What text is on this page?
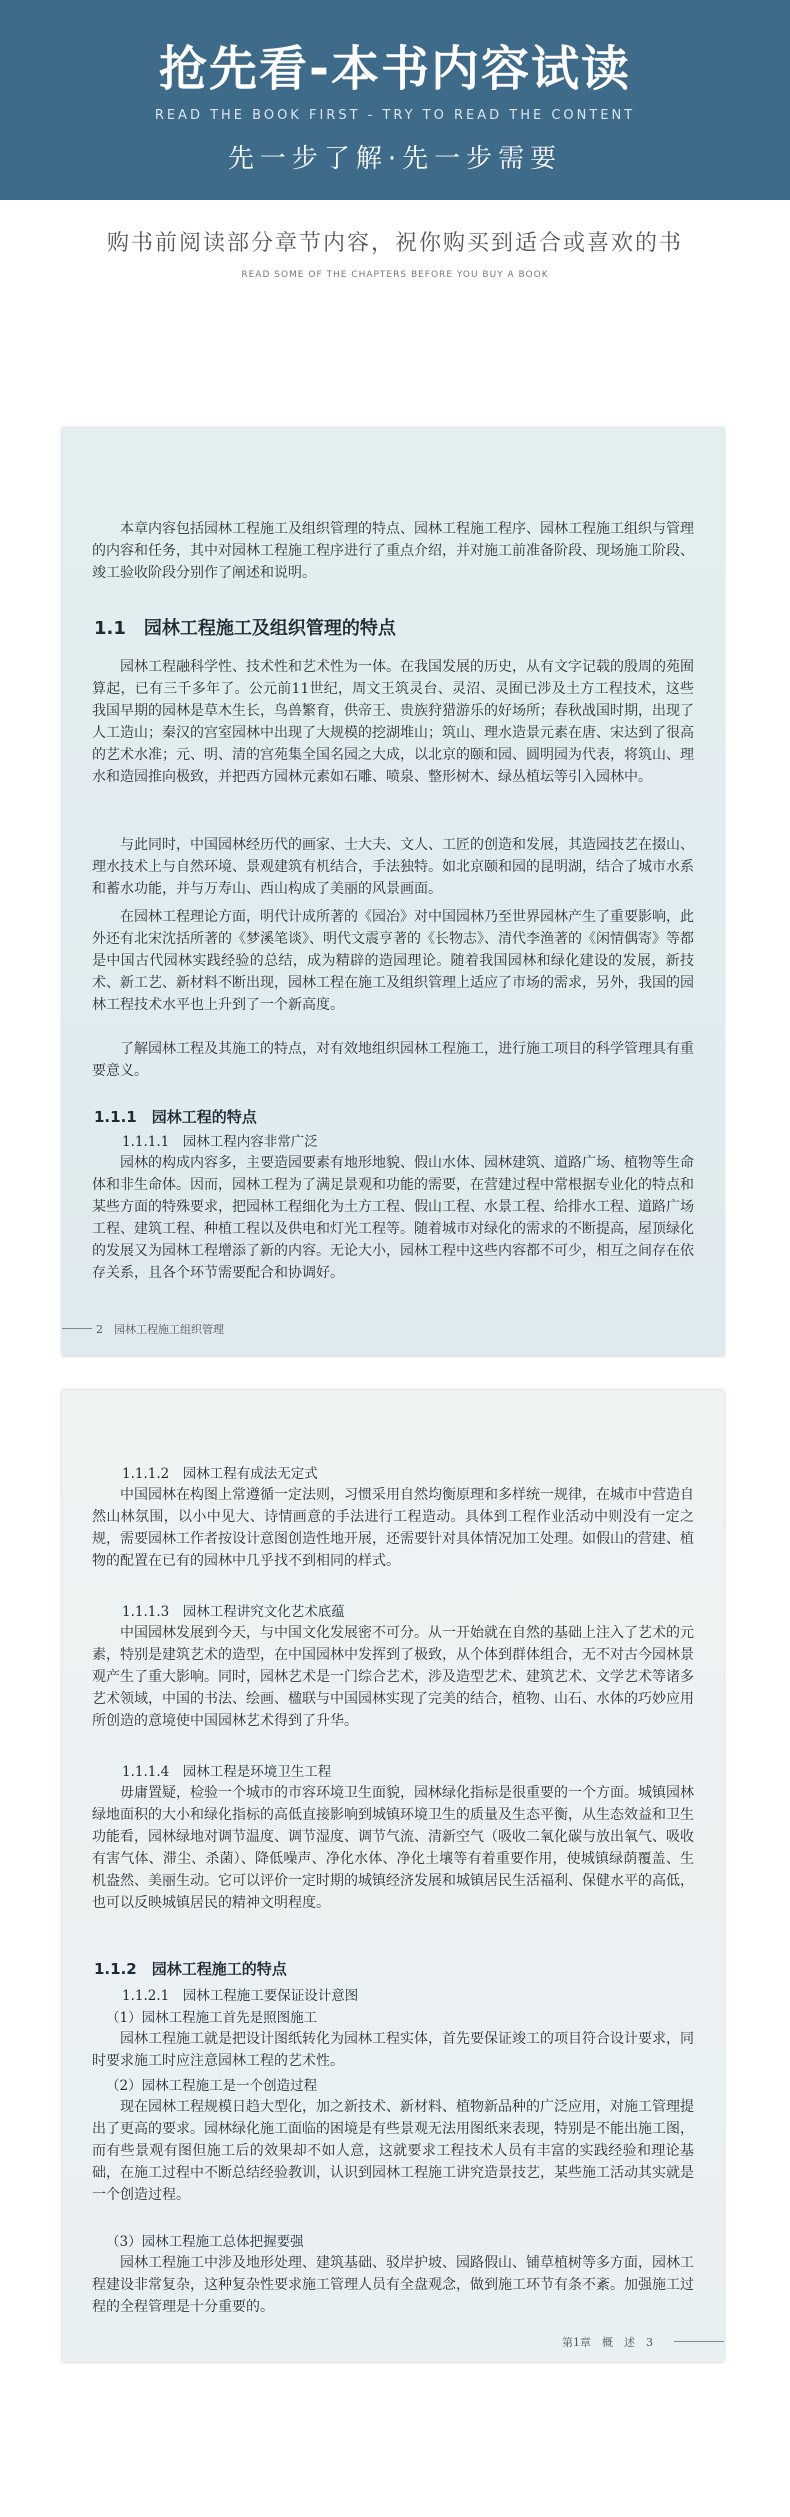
抢先看-本书内容试读
READ THE BOOK FIRST - TRY TO READ THE CONTENT
先一步了解·先一步需要
购书前阅读部分章节内容，祝你购买到适合或喜欢的书
READ SOME OF THE CHAPTERS BEFORE YOU BUY A BOOK

本章内容包括园林工程施工及组织管理的特点、园林工程施工程序、园林工程施工组织与管理的内容和任务，其中对园林工程施工程序进行了重点介绍，并对施工前准备阶段、现场施工阶段、竣工验收阶段分别作了阐述和说明。

1.1　园林工程施工及组织管理的特点

园林工程融科学性、技术性和艺术性为一体。在我国发展的历史，从有文字记载的殷周的苑囿算起，已有三千多年了。公元前11世纪，周文王筑灵台、灵沼、灵囿已涉及土方工程技术，这些我国早期的园林是草木生长，鸟兽繁育，供帝王、贵族狩猎游乐的好场所；春秋战国时期，出现了人工造山；秦汉的宫室园林中出现了大规模的挖湖堆山；筑山、理水造景元素在唐、宋达到了很高的艺术水准；元、明、清的宫苑集全国名园之大成，以北京的颐和园、圆明园为代表，将筑山、理水和造园推向极致，并把西方园林元素如石雕、喷泉、整形树木、绿丛植坛等引入园林中。

与此同时，中国园林经历代的画家、士大夫、文人、工匠的创造和发展，其造园技艺在掇山、理水技术上与自然环境、景观建筑有机结合，手法独特。如北京颐和园的昆明湖，结合了城市水系和蓄水功能，并与万寿山、西山构成了美丽的风景画面。

在园林工程理论方面，明代计成所著的《园冶》对中国园林乃至世界园林产生了重要影响，此外还有北宋沈括所著的《梦溪笔谈》、明代文震亨著的《长物志》、清代李渔著的《闲情偶寄》等都是中国古代园林实践经验的总结，成为精辟的造园理论。随着我国园林和绿化建设的发展，新技术、新工艺、新材料不断出现，园林工程在施工及组织管理上适应了市场的需求，另外，我国的园林工程技术水平也上升到了一个新高度。

了解园林工程及其施工的特点，对有效地组织园林工程施工，进行施工项目的科学管理具有重要意义。

1.1.1　园林工程的特点
1.1.1.1　园林工程内容非常广泛

园林的构成内容多，主要造园要素有地形地貌、假山水体、园林建筑、道路广场、植物等生命体和非生命体。因而，园林工程为了满足景观和功能的需要，在营建过程中常根据专业化的特点和某些方面的特殊要求，把园林工程细化为土方工程、假山工程、水景工程、给排水工程、道路广场工程、建筑工程、种植工程以及供电和灯光工程等。随着城市对绿化的需求的不断提高，屋顶绿化的发展又为园林工程增添了新的内容。无论大小，园林工程中这些内容都不可少，相互之间存在依存关系，且各个环节需要配合和协调好。

2　园林工程施工组织管理
1.1.1.2　园林工程有成法无定式

中国园林在构图上常遵循一定法则，习惯采用自然均衡原理和多样统一规律，在城市中营造自然山林氛围，以小中见大、诗情画意的手法进行工程造动。具体到工程作业活动中则没有一定之规，需要园林工作者按设计意图创造性地开展，还需要针对具体情况加工处理。如假山的营建、植物的配置在已有的园林中几乎找不到相同的样式。

1.1.1.3　园林工程讲究文化艺术底蕴

中国园林发展到今天，与中国文化发展密不可分。从一开始就在自然的基础上注入了艺术的元素，特别是建筑艺术的造型，在中国园林中发挥到了极致，从个体到群体组合，无不对古今园林景观产生了重大影响。同时，园林艺术是一门综合艺术，涉及造型艺术、建筑艺术、文学艺术等诸多艺术领域，中国的书法、绘画、楹联与中国园林实现了完美的结合，植物、山石、水体的巧妙应用所创造的意境使中国园林艺术得到了升华。

1.1.1.4　园林工程是环境卫生工程

毋庸置疑，检验一个城市的市容环境卫生面貌，园林绿化指标是很重要的一个方面。城镇园林绿地面积的大小和绿化指标的高低直接影响到城镇环境卫生的质量及生态平衡，从生态效益和卫生功能看，园林绿地对调节温度、调节湿度、调节气流、清新空气（吸收二氧化碳与放出氧气、吸收有害气体、滞尘、杀菌）、降低噪声、净化水体、净化土壤等有着重要作用，使城镇绿荫覆盖、生机盎然、美丽生动。它可以评价一定时期的城镇经济发展和城镇居民生活福利、保健水平的高低，也可以反映城镇居民的精神文明程度。

1.1.2　园林工程施工的特点
1.1.2.1　园林工程施工要保证设计意图
（1）园林工程施工首先是照图施工

园林工程施工就是把设计图纸转化为园林工程实体，首先要保证竣工的项目符合设计要求，同时要求施工时应注意园林工程的艺术性。

（2）园林工程施工是一个创造过程

现在园林工程规模日趋大型化，加之新技术、新材料、植物新品种的广泛应用，对施工管理提出了更高的要求。园林绿化施工面临的困境是有些景观无法用图纸来表现，特别是不能出施工图，而有些景观有图但施工后的效果却不如人意，这就要求工程技术人员有丰富的实践经验和理论基础，在施工过程中不断总结经验教训，认识到园林工程施工讲究造景技艺，某些施工活动其实就是一个创造过程。

（3）园林工程施工总体把握要强

园林工程施工中涉及地形处理、建筑基础、驳岸护坡、园路假山、铺草植树等多方面，园林工程建设非常复杂，这种复杂性要求施工管理人员有全盘观念，做到施工环节有条不紊。加强施工过程的全程管理是十分重要的。

第1章　概　述　3
